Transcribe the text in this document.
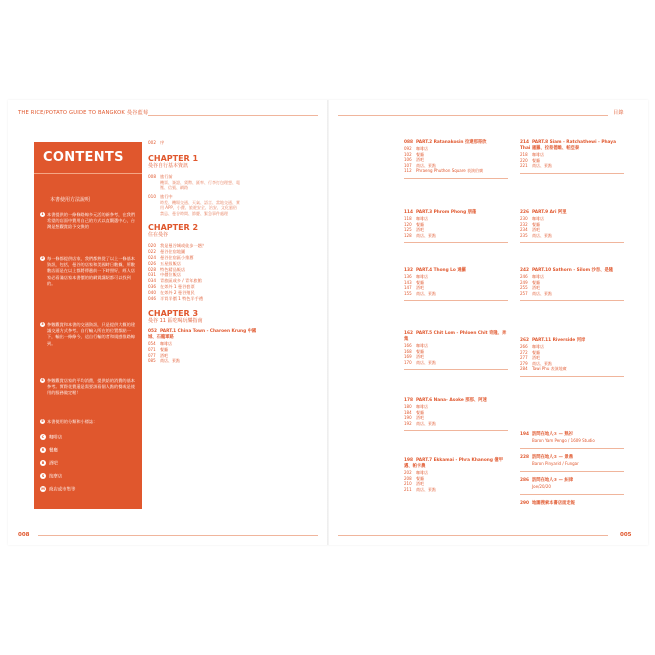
THE RICE/POTATO GUIDE TO BANGKOK 曼谷藍莓	目錄
CONTENTS
本書使用方法說明
1 本書提供的一條條路線多元活的新參考，在我們希望的店面中費用自己的方式以直觀選中心，台灣是想觀賞給予交換的
2 每一條都提供店家，我們都熟從了以上一條基本資訊，包括，曼谷的店家和美國時日數據，所數數店面是在以上都將傳遞前一下時照好，經人店家必看滿店家本書價的的網貨講紹都可以找到的。
3 參數觀賞和本書的交通資訊，只是提供大概的建議交通方式參考。自行輸入所在的位置都點一下，輸出一條條今，這自行輸的者和規感推路線到。
4 參數觀賞店家的平均消費，提供給的消費的基本參考。實際花費還是需要該看個人點的餐或是使用的服務做定喔！
5 本書使用的分類和小標誌：
C 咖啡店
R 餐廳
B 酒吧
S 按摩店
M 商店或市集等
002 序
CHAPTER 1
曼谷自行基本資訊
008 旅行前
機票、簽證、貨幣、匯率、行李打包理想、電壓、信號、網路
010 旅行中
時差、機場交通、天氣、語言、當地交通、實用 APP、小費、旅遊安全、治安、文化風俗禁忌、曼谷時間、節慶、緊急事件處理
CHAPTER 2
住在曼谷
020 我是曼谷城或徒步一趟？
022 曼谷住宿地圖
024 曼谷住宿區小推薦
026 五星級飯店
028 特色精品飯店
031 中價位飯店
034 青旅區或多 / 青年旅館
036 在郊外 1 曼谷套票
040 在郊外 2 曼谷殖民
046 半買半價 1 特色半手禮
CHAPTER 3
曼谷 11 區吃喝玩樂指南
052 PART.1 China Town - Charoen Krung 中國城、石龍軍路
054 咖啡店
071 餐廳
077 酒吧
085 商店、景點
088 PART.2 Ratanakosin 拉達那哥欣
092 咖啡店
102 餐廳
106 酒吧
107 商店、景點
112 Phraeng Phuthon Square 表演伯廣
114 PART.3 Phrom Phong 朋蓬
118 咖啡店
120 餐廳
125 酒吧
128 商店、景點
132 PART.4 Thong Lo 通羅
136 咖啡店
143 餐廳
147 酒吧
155 商店、景點
162 PART.5 Chit Lom - Phloen Chit 奇隆、奔集
166 咖啡店
168 餐廳
169 酒吧
170 商店、景點
178 PART.6 Nana- Asoke 那那、阿速
180 咖啡店
184 餐廳
190 酒吧
192 商店、景點
198 PART.7 Ekkamai - Phra Khanong 億甲邁、帕卡農
202 咖啡店
208 餐廳
210 酒吧
211 商店、景點
214 PART.8 Siam - Ratchathewi - Phaya Thai 暹羅、拉差德維、帕亞泰
218 咖啡店
220 餐廳
221 商店、景點
226 PART.9 Ari 阿里
230 咖啡店
232 餐廳
234 酒吧
235 商店、景點
242 PART.10 Sathorn - Silom 沙吞、是隆
246 咖啡店
249 餐廳
255 酒吧
257 商店、景點
262 PART.11 Riverside 河岸
266 咖啡店
272 餐廳
277 酒吧
279 商店、景點
284 Tawi Phu 表演地廣
194 訪問在地人① — 熟衫
Baron Yam Pengo / 1609 Studio
228 訪問在地人② — 景鼎
Baron Pinyarid / Fungar
286 訪問在地人③ — 糾律
Joe/20/20
290 地圖搜索本書店面走報
008	005
